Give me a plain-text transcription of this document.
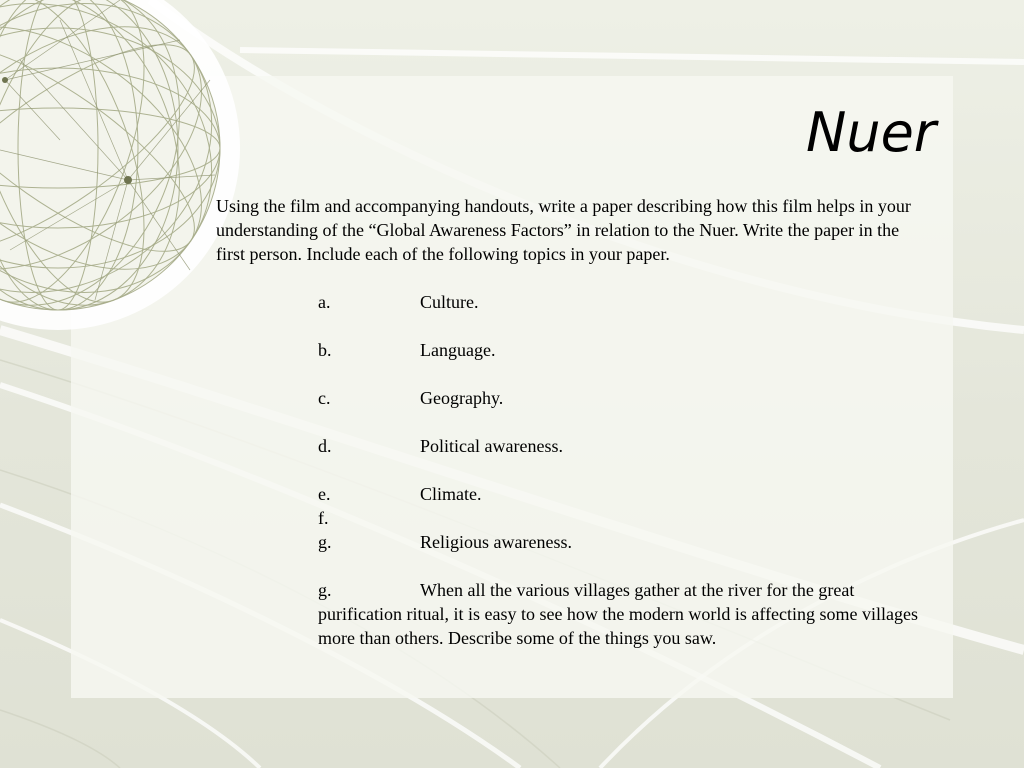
Nuer

Using the film and accompanying handouts, write a paper describing how this film helps in your understanding of the “Global Awareness Factors” in relation to the Nuer. Write the paper in the first person. Include each of the following topics in your paper.

a.	Culture.
b.	Language.
c.	Geography.
d.	Political awareness.
e.	Climate.
f.

g.	Religious awareness.
g.	When all the various villages gather at the river for the great purification ritual, it is easy to see how the modern world is affecting some villages more than others. Describe some of the things you saw.
